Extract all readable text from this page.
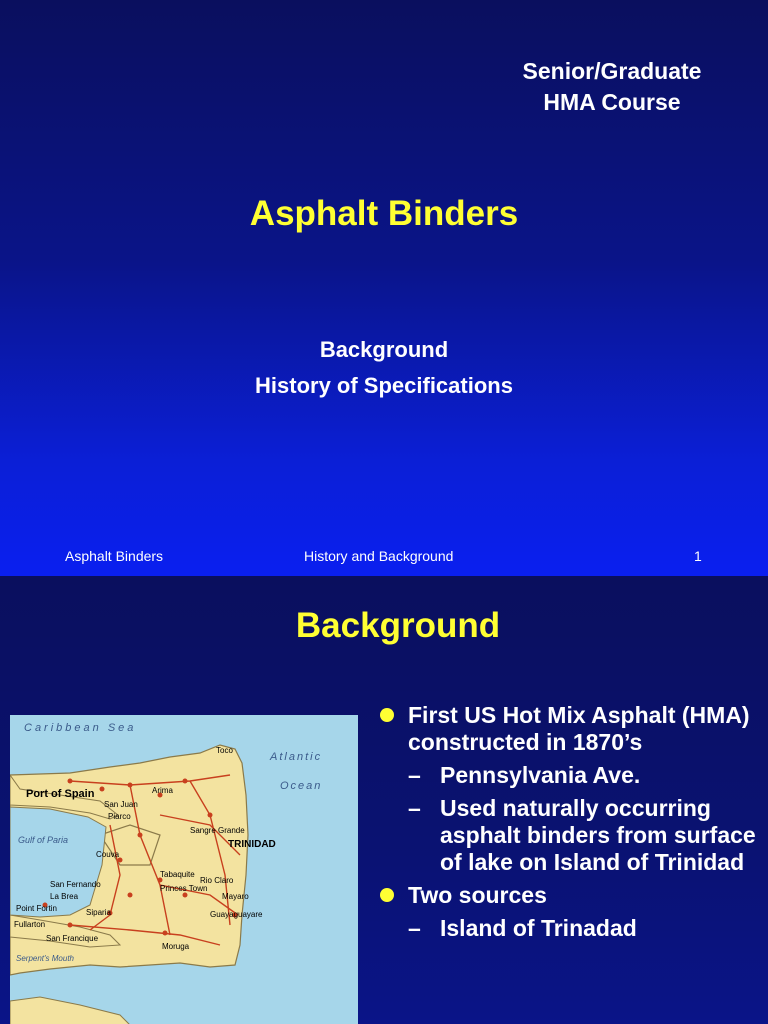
Senior/Graduate
HMA Course
Asphalt Binders
Background
History of Specifications
Asphalt Binders	History and Background	1
Background
Caribbean Sea
Atlantic
Ocean
Port of Spain
San Juan
Piarco
Toco
Arima
Sangre Grande
Gulf of Paria
Couva
TRINIDAD
Tabaquite
Rio Claro
San Fernando	Princes Town
La Brea
Point Fortin	Siparia
Fullarton
Guayaguayare
Mayaro
Moruga
San Francique
Serpent's Mouth
First US Hot Mix Asphalt (HMA) constructed in 1870’s
– Pennsylvania Ave.
– Used naturally occurring asphalt binders from surface of lake on Island of Trinidad
Two sources
– Island of Trinadad
